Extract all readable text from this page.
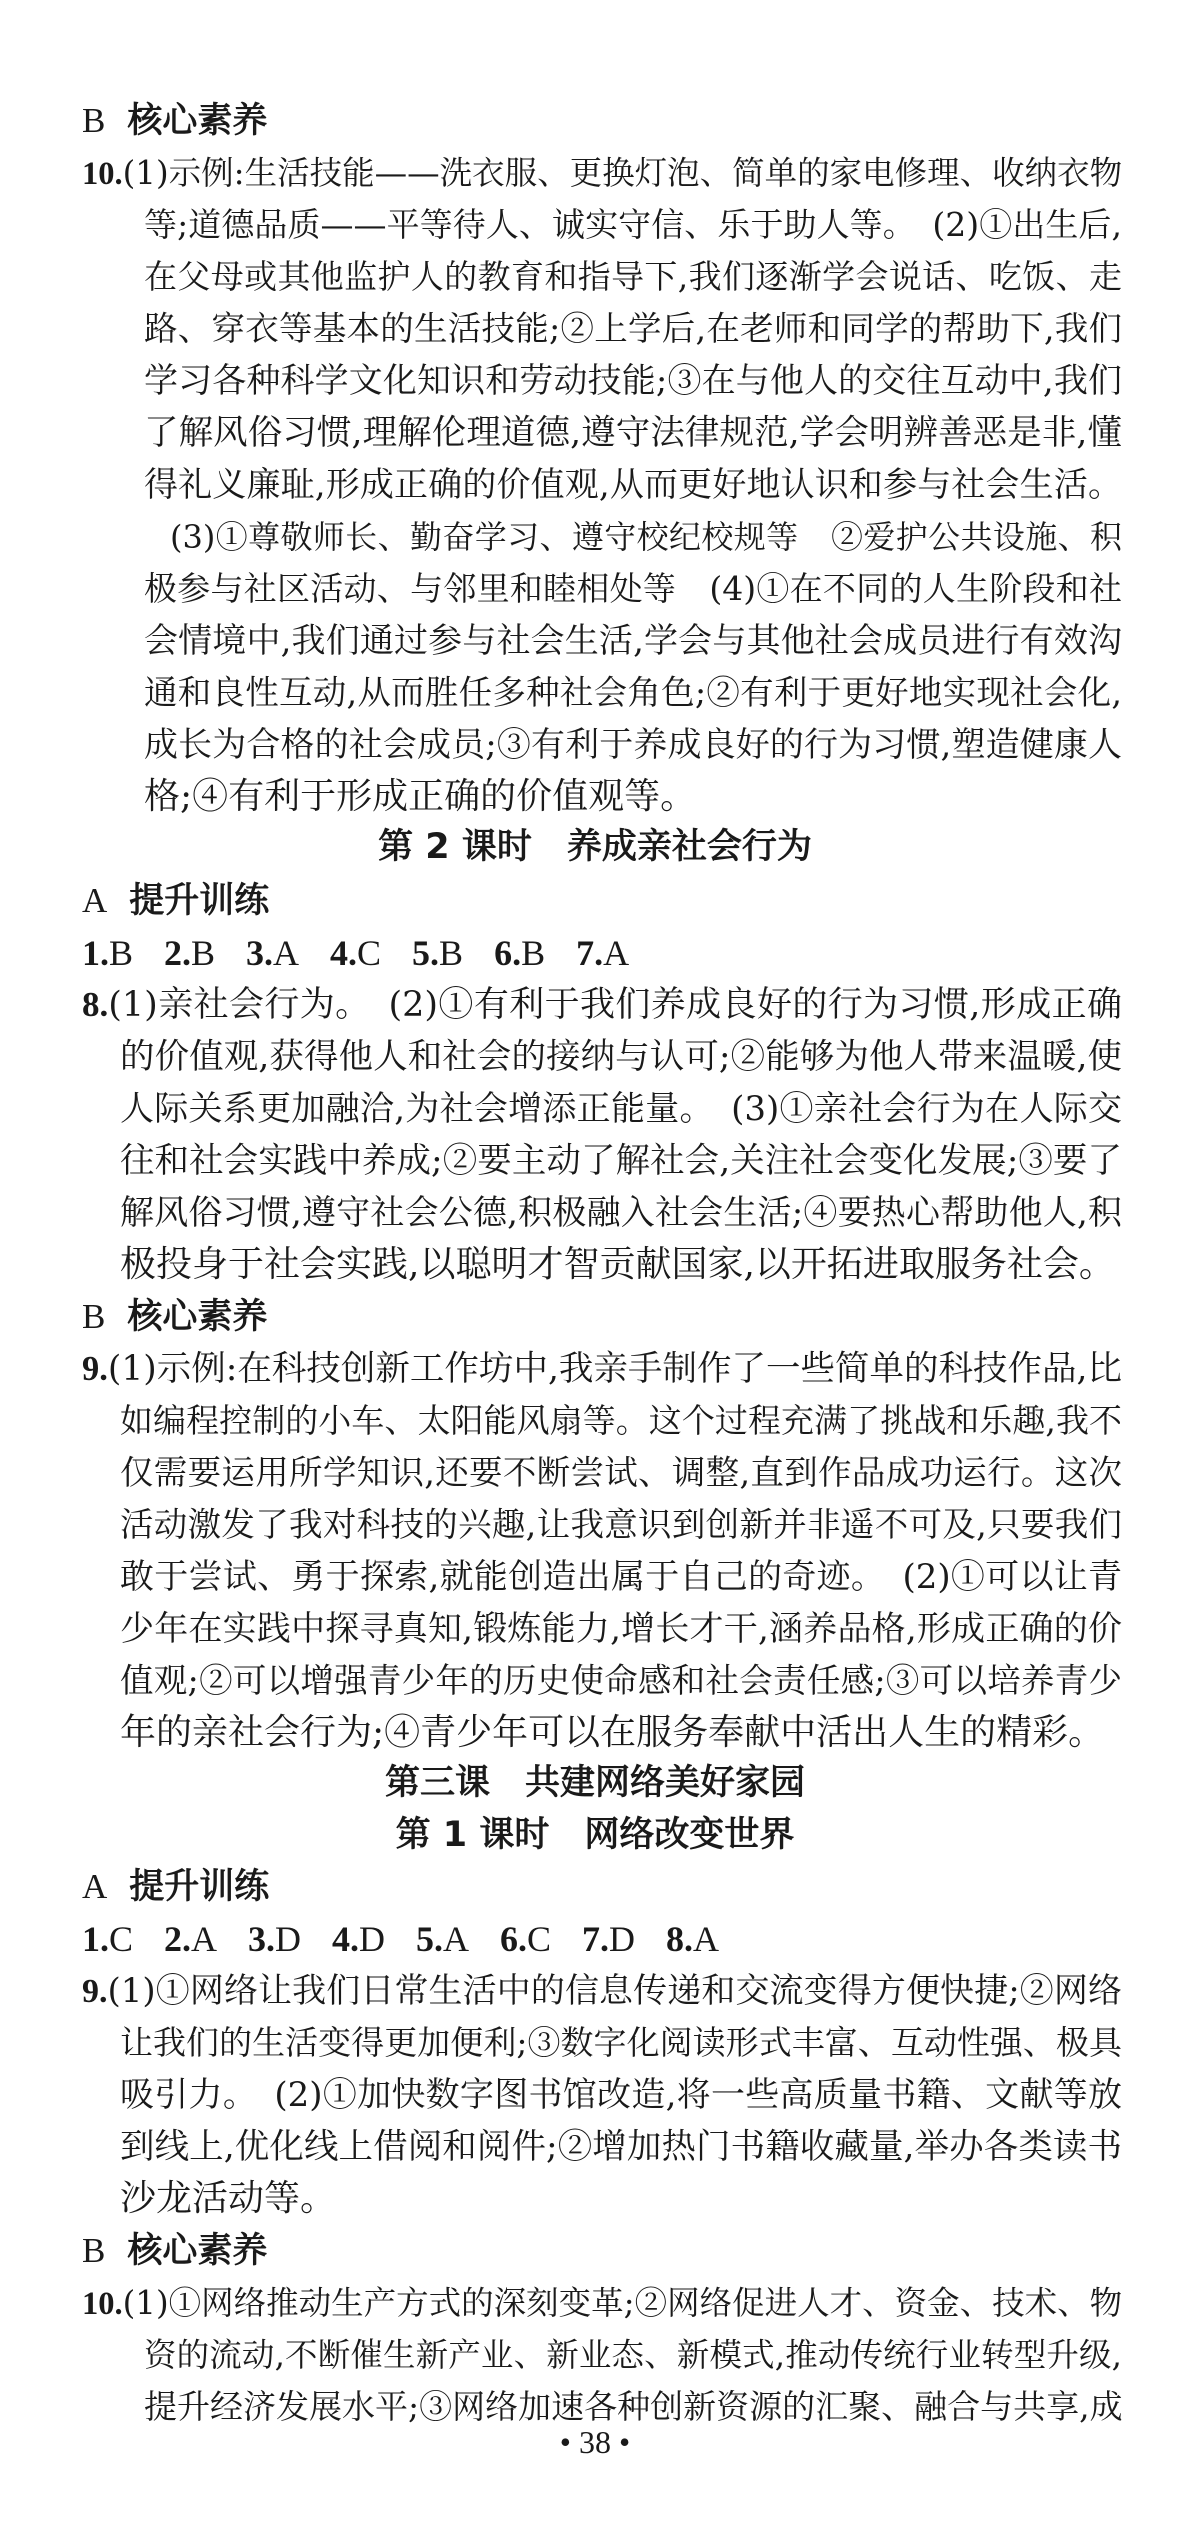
B 核心素养
10.(1)示例:生活技能——洗衣服、更换灯泡、简单的家电修理、收纳衣物
等;道德品质——平等待人、诚实守信、乐于助人等。　(2)①出生后,
在父母或其他监护人的教育和指导下,我们逐渐学会说话、吃饭、走
路、穿衣等基本的生活技能;②上学后,在老师和同学的帮助下,我们
学习各种科学文化知识和劳动技能;③在与他人的交往互动中,我们
了解风俗习惯,理解伦理道德,遵守法律规范,学会明辨善恶是非,懂
得礼义廉耻,形成正确的价值观,从而更好地认识和参与社会生活。
(3)①尊敬师长、勤奋学习、遵守校纪校规等　②爱护公共设施、积
极参与社区活动、与邻里和睦相处等　(4)①在不同的人生阶段和社
会情境中,我们通过参与社会生活,学会与其他社会成员进行有效沟
通和良性互动,从而胜任多种社会角色;②有利于更好地实现社会化,
成长为合格的社会成员;③有利于养成良好的行为习惯,塑造健康人
格;④有利于形成正确的价值观等。
第 2 课时　养成亲社会行为
A 提升训练
1.B 2.B 3.A 4.C 5.B 6.B 7.A
8.(1)亲社会行为。　(2)①有利于我们养成良好的行为习惯,形成正确
的价值观,获得他人和社会的接纳与认可;②能够为他人带来温暖,使
人际关系更加融洽,为社会增添正能量。　(3)①亲社会行为在人际交
往和社会实践中养成;②要主动了解社会,关注社会变化发展;③要了
解风俗习惯,遵守社会公德,积极融入社会生活;④要热心帮助他人,积
极投身于社会实践,以聪明才智贡献国家,以开拓进取服务社会。
B 核心素养
9.(1)示例:在科技创新工作坊中,我亲手制作了一些简单的科技作品,比
如编程控制的小车、太阳能风扇等。这个过程充满了挑战和乐趣,我不
仅需要运用所学知识,还要不断尝试、调整,直到作品成功运行。这次
活动激发了我对科技的兴趣,让我意识到创新并非遥不可及,只要我们
敢于尝试、勇于探索,就能创造出属于自己的奇迹。　(2)①可以让青
少年在实践中探寻真知,锻炼能力,增长才干,涵养品格,形成正确的价
值观;②可以增强青少年的历史使命感和社会责任感;③可以培养青少
年的亲社会行为;④青少年可以在服务奉献中活出人生的精彩。
第三课　共建网络美好家园
第 1 课时　网络改变世界
A 提升训练
1.C 2.A 3.D 4.D 5.A 6.C 7.D 8.A
9.(1)①网络让我们日常生活中的信息传递和交流变得方便快捷;②网络
让我们的生活变得更加便利;③数字化阅读形式丰富、互动性强、极具
吸引力。　(2)①加快数字图书馆改造,将一些高质量书籍、文献等放
到线上,优化线上借阅和阅件;②增加热门书籍收藏量,举办各类读书
沙龙活动等。
B 核心素养
10.(1)①网络推动生产方式的深刻变革;②网络促进人才、资金、技术、物
资的流动,不断催生新产业、新业态、新模式,推动传统行业转型升级,
提升经济发展水平;③网络加速各种创新资源的汇聚、融合与共享,成
• 38 •
